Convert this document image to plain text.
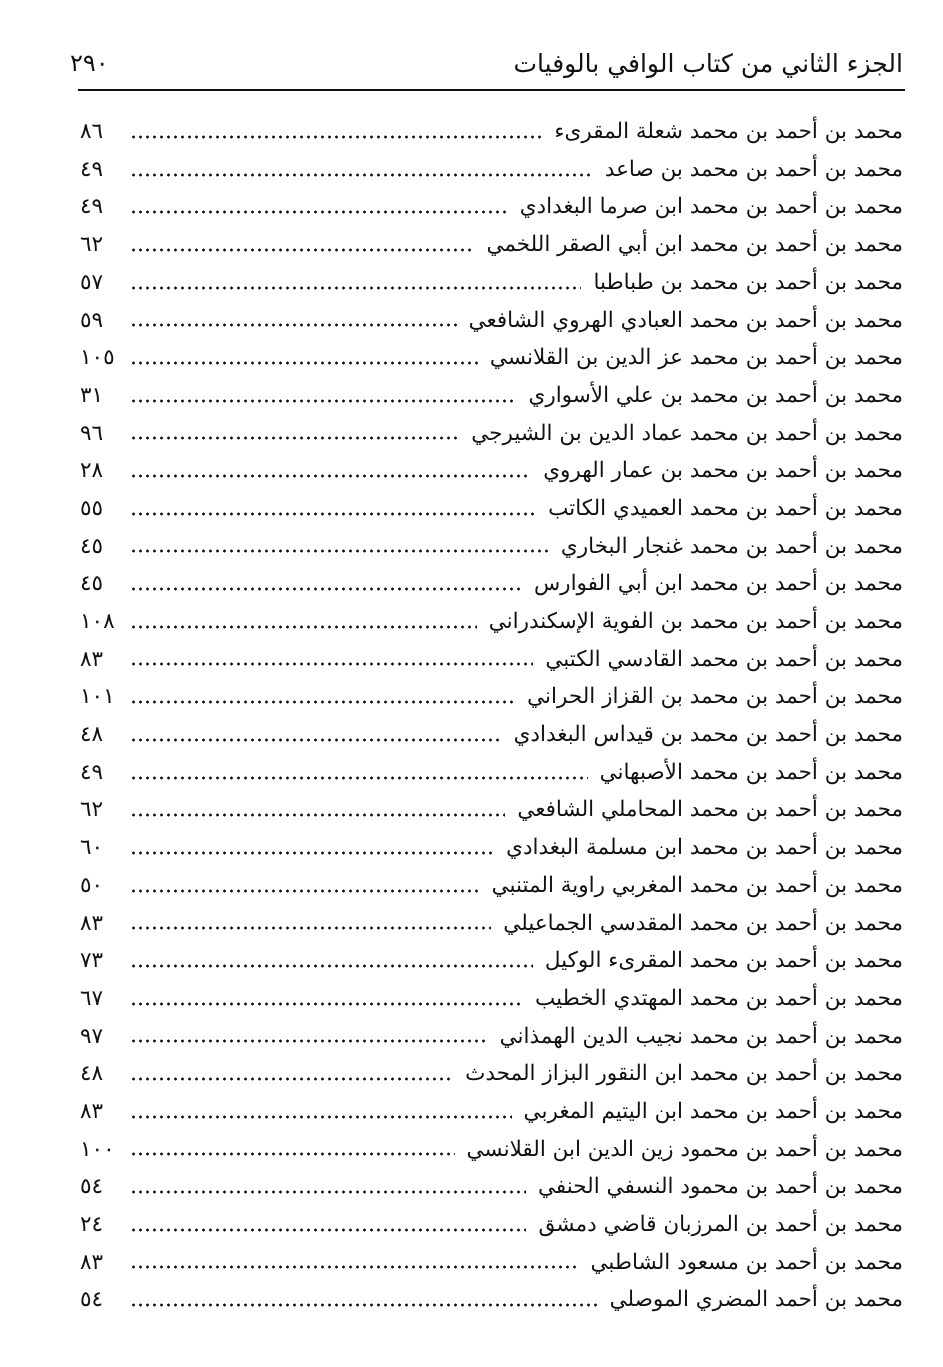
٢٩٠	الجزء الثاني من كتاب الوافي بالوفيات
محمد بن أحمد بن محمد شعلة المقرىء
٨٦
محمد بن أحمد بن محمد بن صاعد
٤٩
محمد بن أحمد بن محمد ابن صرما البغدادي
٤٩
محمد بن أحمد بن محمد ابن أبي الصقر اللخمي
٦٢
محمد بن أحمد بن محمد بن طباطبا
٥٧
محمد بن أحمد بن محمد العبادي الهروي الشافعي
٥٩
محمد بن أحمد بن محمد عز الدين بن القلانسي
١٠٥
محمد بن أحمد بن محمد بن علي الأسواري
٣١
محمد بن أحمد بن محمد عماد الدين بن الشيرجي
٩٦
محمد بن أحمد بن محمد بن عمار الهروي
٢٨
محمد بن أحمد بن محمد العميدي الكاتب
٥٥
محمد بن أحمد بن محمد غنجار البخاري
٤٥
محمد بن أحمد بن محمد ابن أبي الفوارس
٤٥
محمد بن أحمد بن محمد بن الفوية الإسكندراني
١٠٨
محمد بن أحمد بن محمد القادسي الكتبي
٨٣
محمد بن أحمد بن محمد بن القزاز الحراني
١٠١
محمد بن أحمد بن محمد بن قيداس البغدادي
٤٨
محمد بن أحمد بن محمد الأصبهاني
٤٩
محمد بن أحمد بن محمد المحاملي الشافعي
٦٢
محمد بن أحمد بن محمد ابن مسلمة البغدادي
٦٠
محمد بن أحمد بن محمد المغربي راوية المتنبي
٥٠
محمد بن أحمد بن محمد المقدسي الجماعيلي
٨٣
محمد بن أحمد بن محمد المقرىء الوكيل
٧٣
محمد بن أحمد بن محمد المهتدي الخطيب
٦٧
محمد بن أحمد بن محمد نجيب الدين الهمذاني
٩٧
محمد بن أحمد بن محمد ابن النقور البزاز المحدث
٤٨
محمد بن أحمد بن محمد ابن اليتيم المغربي
٨٣
محمد بن أحمد بن محمود زين الدين ابن القلانسي
١٠٠
محمد بن أحمد بن محمود النسفي الحنفي
٥٤
محمد بن أحمد بن المرزبان قاضي دمشق
٢٤
محمد بن أحمد بن مسعود الشاطبي
٨٣
محمد بن أحمد المضري الموصلي
٥٤
